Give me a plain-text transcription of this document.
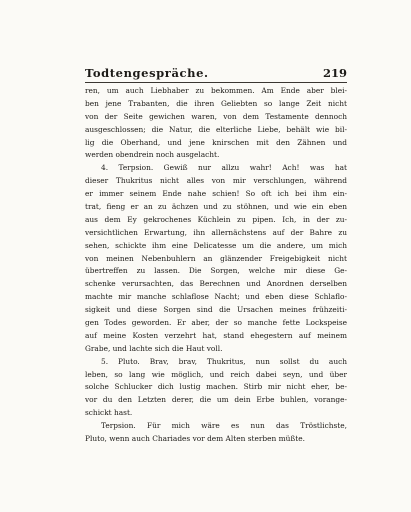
Todtengespräche.	219
ren, um auch Liebhaber zu bekommen. Am Ende aber blei-
ben jene Trabanten, die ihren Geliebten so lange Zeit nicht
von der Seite gewichen waren, von dem Testamente dennoch
ausgeschlossen; die Natur, die elterliche Liebe, behält wie bil-
lig die Oberhand, und jene knirschen mit den Zähnen und
werden obendrein noch ausgelacht.
4. Terpsion. Gewiß nur allzu wahr! Ach! was hat
dieser Thukritus nicht alles von mir verschlungen, während
er immer seinem Ende nahe schien! So oft ich bei ihm ein-
trat, fieng er an zu ächzen und zu stöhnen, und wie ein eben
aus dem Ey gekrochenes Küchlein zu pipen. Ich, in der zu-
versichtlichen Erwartung, ihn allernächstens auf der Bahre zu
sehen, schickte ihm eine Delicatesse um die andere, um mich
von meinen Nebenbuhlern an glänzender Freigebigkeit nicht
übertreffen zu lassen. Die Sorgen, welche mir diese Ge-
schenke verursachten, das Berechnen und Anordnen derselben
machte mir manche schlaflose Nacht; und eben diese Schlaflo-
sigkeit und diese Sorgen sind die Ursachen meines frühzeiti-
gen Todes geworden. Er aber, der so manche fette Lockspeise
auf meine Kosten verzehrt hat, stand ehegestern auf meinem
Grabe, und lachte sich die Haut voll.
5. Pluto. Brav, brav, Thukritus, nun sollst du auch
leben, so lang wie möglich, und reich dabei seyn, und über
solche Schlucker dich lustig machen. Stirb mir nicht eher, be-
vor du den Letzten derer, die um dein Erbe buhlen, vorange-
schickt hast.
Terpsion. Für mich wäre es nun das Tröstlichste,
Pluto, wenn auch Chariades vor dem Alten sterben müßte.
